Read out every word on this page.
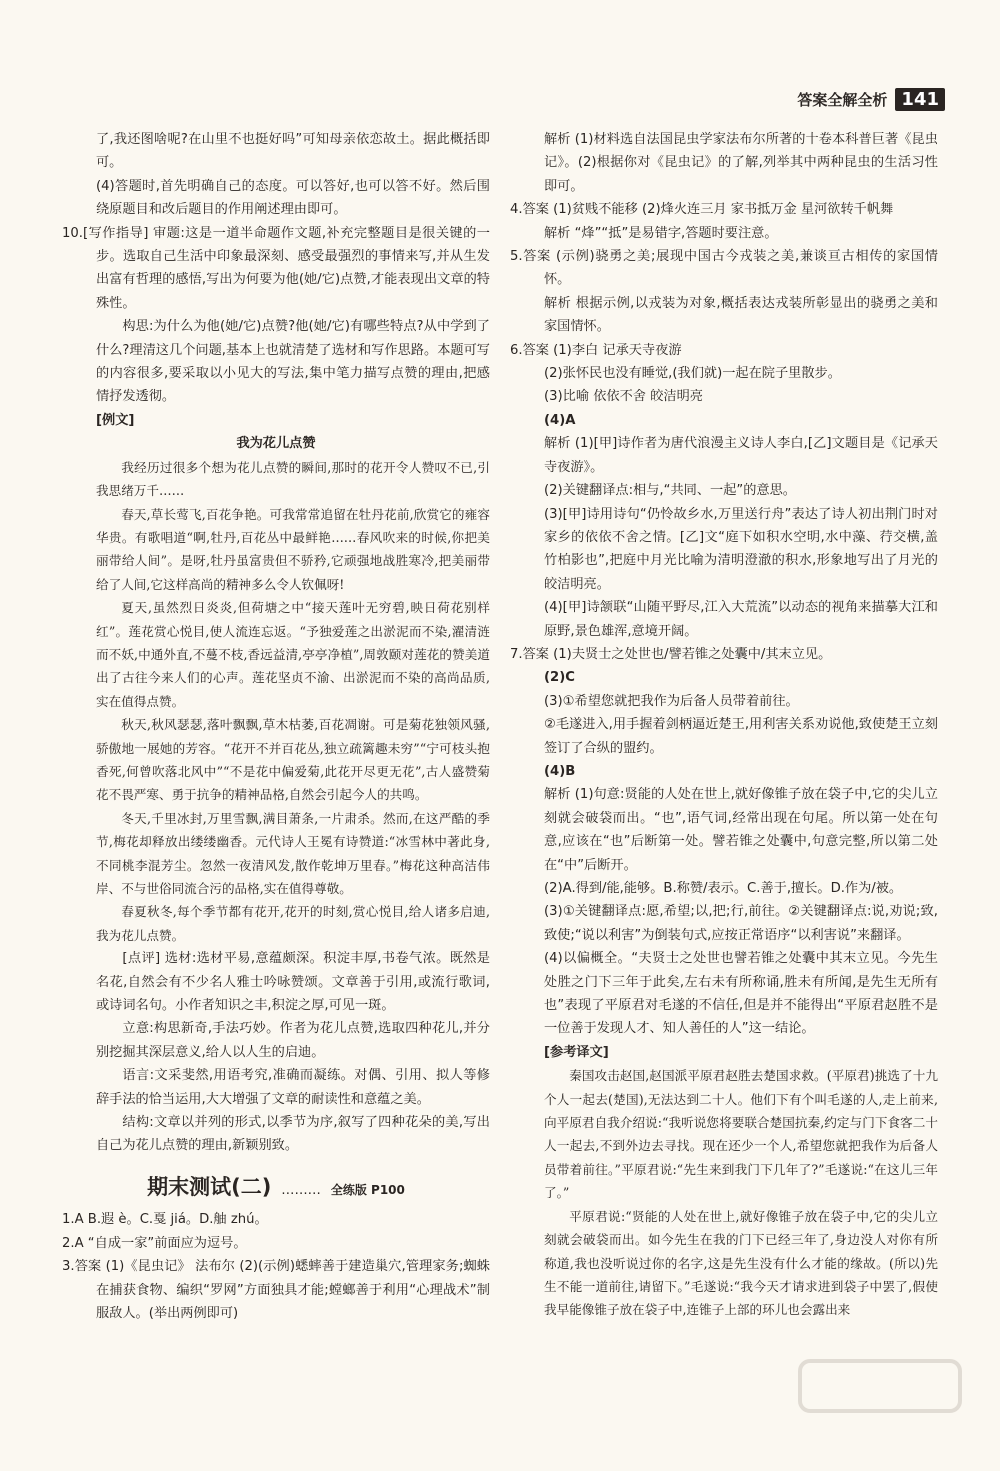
答案全解全析 141

了,我还图啥呢?在山里不也挺好吗”可知母亲依恋故土。据此概括即可。

(4)答题时,首先明确自己的态度。可以答好,也可以答不好。然后围绕原题目和改后题目的作用阐述理由即可。

10.[写作指导] 审题:这是一道半命题作文题,补充完整题目是很关键的一步。选取自己生活中印象最深刻、感受最强烈的事情来写,并从生发出富有哲理的感悟,写出为何要为他(她/它)点赞,才能表现出文章的特殊性。

构思:为什么为他(她/它)点赞?他(她/它)有哪些特点?从中学到了什么?理清这几个问题,基本上也就清楚了选材和写作思路。本题可写的内容很多,要采取以小见大的写法,集中笔力描写点赞的理由,把感情抒发透彻。

[例文]

我为花儿点赞

我经历过很多个想为花儿点赞的瞬间,那时的花开令人赞叹不已,引我思绪万千……

春天,草长莺飞,百花争艳。可我常常追留在牡丹花前,欣赏它的雍容华贵。有歌唱道“啊,牡丹,百花丛中最鲜艳……春风吹来的时候,你把美丽带给人间”。是呀,牡丹虽富贵但不骄矜,它顽强地战胜寒冷,把美丽带给了人间,它这样高尚的精神多么令人钦佩呀!

夏天,虽然烈日炎炎,但荷塘之中“接天莲叶无穷碧,映日荷花别样红”。莲花赏心悦目,使人流连忘返。“予独爱莲之出淤泥而不染,濯清涟而不妖,中通外直,不蔓不枝,香远益清,亭亭净植”,周敦颐对莲花的赞美道出了古往今来人们的心声。莲花坚贞不渝、出淤泥而不染的高尚品质,实在值得点赞。

秋天,秋风瑟瑟,落叶飘飘,草木枯萎,百花凋谢。可是菊花独领风骚,骄傲地一展她的芳容。“花开不并百花丛,独立疏篱趣未穷”“宁可枝头抱香死,何曾吹落北风中”“不是花中偏爱菊,此花开尽更无花”,古人盛赞菊花不畏严寒、勇于抗争的精神品格,自然会引起今人的共鸣。

冬天,千里冰封,万里雪飘,满目萧条,一片肃杀。然而,在这严酷的季节,梅花却释放出缕缕幽香。元代诗人王冕有诗赞道:“冰雪林中著此身,不同桃李混芳尘。忽然一夜清风发,散作乾坤万里春。”梅花这种高洁伟岸、不与世俗同流合污的品格,实在值得尊敬。

春夏秋冬,每个季节都有花开,花开的时刻,赏心悦目,给人诸多启迪,我为花儿点赞。

[点评] 选材:选材平易,意蕴颇深。积淀丰厚,书卷气浓。既然是名花,自然会有不少名人雅士吟咏赞颂。文章善于引用,或流行歌词,或诗词名句。小作者知识之丰,积淀之厚,可见一斑。

立意:构思新奇,手法巧妙。作者为花儿点赞,选取四种花儿,并分别挖掘其深层意义,给人以人生的启迪。

语言:文采斐然,用语考究,准确而凝练。对偶、引用、拟人等修辞手法的恰当运用,大大增强了文章的耐读性和意蕴之美。

结构:文章以并列的形式,以季节为序,叙写了四种花朵的美,写出自己为花儿点赞的理由,新颖别致。

期末测试(二) ……… 全练版 P100

1.A B.遐 è。C.戛 jiá。D.舳 zhú。

2.A “自成一家”前面应为逗号。

3.答案 (1)《昆虫记》 法布尔 (2)(示例)蟋蟀善于建造巢穴,管理家务;蜘蛛在捕获食物、编织“罗网”方面独具才能;螳螂善于利用“心理战术”制服敌人。(举出两例即可)

解析 (1)材料选自法国昆虫学家法布尔所著的十卷本科普巨著《昆虫记》。(2)根据你对《昆虫记》的了解,列举其中两种昆虫的生活习性即可。

4.答案 (1)贫贱不能移 (2)烽火连三月 家书抵万金 星河欲转千帆舞

解析 “烽”“抵”是易错字,答题时要注意。

5.答案 (示例)骁勇之美;展现中国古今戎装之美,兼谈亘古相传的家国情怀。

解析 根据示例,以戎装为对象,概括表达戎装所彰显出的骁勇之美和家国情怀。

6.答案 (1)李白 记承天寺夜游

(2)张怀民也没有睡觉,(我们就)一起在院子里散步。

(3)比喻 依依不舍 皎洁明亮

(4)A

解析 (1)[甲]诗作者为唐代浪漫主义诗人李白,[乙]文题目是《记承天寺夜游》。

(2)关键翻译点:相与,“共同、一起”的意思。

(3)[甲]诗用诗句“仍怜故乡水,万里送行舟”表达了诗人初出荆门时对家乡的依依不舍之情。[乙]文“庭下如积水空明,水中藻、荇交横,盖竹柏影也”,把庭中月光比喻为清明澄澈的积水,形象地写出了月光的皎洁明亮。

(4)[甲]诗颔联“山随平野尽,江入大荒流”以动态的视角来描摹大江和原野,景色雄浑,意境开阔。

7.答案 (1)夫贤士之处世也/譬若锥之处囊中/其末立见。

(2)C

(3)①希望您就把我作为后备人员带着前往。

②毛遂进入,用手握着剑柄逼近楚王,用利害关系劝说他,致使楚王立刻签订了合纵的盟约。

(4)B

解析 (1)句意:贤能的人处在世上,就好像锥子放在袋子中,它的尖儿立刻就会破袋而出。“也”,语气词,经常出现在句尾。所以第一处在句意,应该在“也”后断第一处。譬若锥之处囊中,句意完整,所以第二处在“中”后断开。

(2)A.得到/能,能够。B.称赞/表示。C.善于,擅长。D.作为/被。

(3)①关键翻译点:愿,希望;以,把;行,前往。②关键翻译点:说,劝说;致,致使;“说以利害”为倒装句式,应按正常语序“以利害说”来翻译。

(4)以偏概全。“夫贤士之处世也譬若锥之处囊中其末立见。今先生处胜之门下三年于此矣,左右未有所称诵,胜未有所闻,是先生无所有也”表现了平原君对毛遂的不信任,但是并不能得出“平原君赵胜不是一位善于发现人才、知人善任的人”这一结论。

[参考译文]

秦国攻击赵国,赵国派平原君赵胜去楚国求救。(平原君)挑选了十九个人一起去(楚国),无法达到二十人。他们下有个叫毛遂的人,走上前来,向平原君自我介绍说:“我听说您将要联合楚国抗秦,约定与门下食客二十人一起去,不到外边去寻找。现在还少一个人,希望您就把我作为后备人员带着前往。”平原君说:“先生来到我门下几年了?”毛遂说:“在这儿三年了。”

平原君说:“贤能的人处在世上,就好像锥子放在袋子中,它的尖儿立刻就会破袋而出。如今先生在我的门下已经三年了,身边没人对你有所称道,我也没听说过你的名字,这是先生没有什么才能的缘故。(所以)先生不能一道前往,请留下。”毛遂说:“我今天才请求进到袋子中罢了,假使我早能像锥子放在袋子中,连锥子上部的环儿也会露出来
